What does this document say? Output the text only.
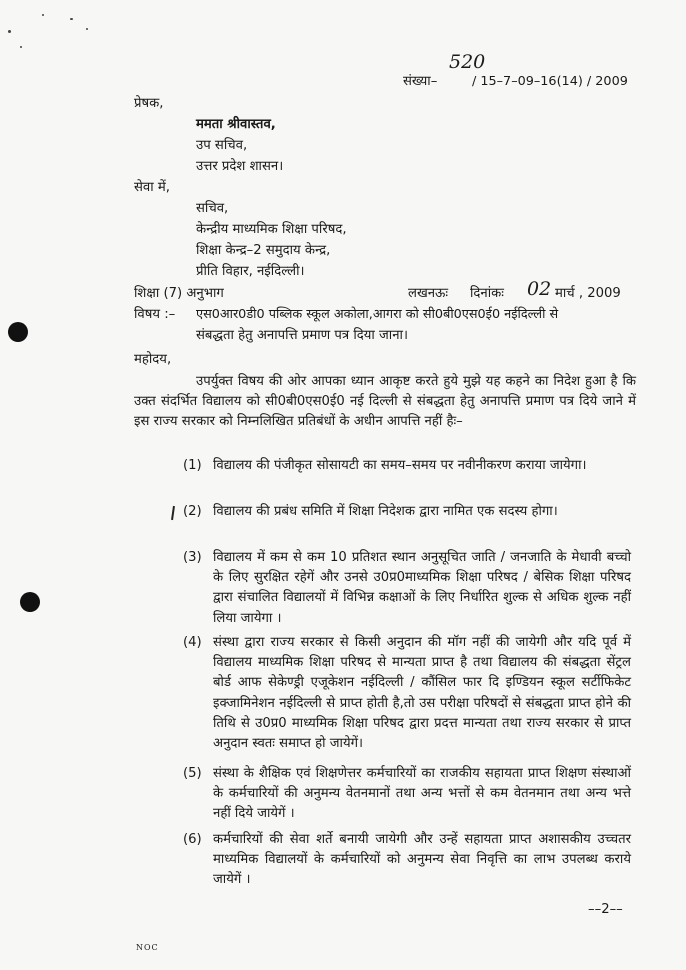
520
संख्या–	/ 15–7–09–16(14) / 2009
प्रेषक,
ममता श्रीवास्तव,
उप सचिव,
उत्तर प्रदेश शासन।
सेवा में,
सचिव,
केन्द्रीय माध्यमिक शिक्षा परिषद,
शिक्षा केन्द्र–2 समुदाय केन्द्र,
प्रीति विहार, नईदिल्ली।
शिक्षा (7) अनुभाग	लखनऊः दिनांकः 02 मार्च , 2009
विषय :– एस0आर0डी0 पब्लिक स्कूल अकोला,आगरा को सी0बी0एस0ई0 नईदिल्ली से
संबद्धता हेतु अनापत्ति प्रमाण पत्र दिया जाना।
महोदय,
उपर्युक्त विषय की ओर आपका ध्यान आकृष्ट करते हुये मुझे यह कहने का निदेश हुआ है कि उक्त संदर्भित विद्यालय को सी0बी0एस0ई0 नई दिल्ली से संबद्धता हेतु अनापत्ति प्रमाण पत्र दिये जाने में इस राज्य सरकार को निम्नलिखित प्रतिबंधों के अधीन आपत्ति नहीं हैः–
(1) विद्यालय की पंजीकृत सोसायटी का समय–समय पर नवीनीकरण कराया जायेगा।
(2) विद्यालय की प्रबंध समिति में शिक्षा निदेशक द्वारा नामित एक सदस्य होगा।
(3) विद्यालय में कम से कम 10 प्रतिशत स्थान अनुसूचित जाति / जनजाति के मेधावी बच्चो के लिए सुरक्षित रहेगें और उनसे उ0प्र0माध्यमिक शिक्षा परिषद / बेसिक शिक्षा परिषद द्वारा संचालित विद्यालयों में विभिन्न कक्षाओं के लिए निर्धारित शुल्क से अधिक शुल्क नहीं लिया जायेगा ।
(4) संस्था द्वारा राज्य सरकार से किसी अनुदान की मॉग नहीं की जायेगी और यदि पूर्व में विद्यालय माध्यमिक शिक्षा परिषद से मान्यता प्राप्त है तथा विद्यालय की संबद्धता सेंट्रल बोर्ड आफ सेकेण्ड्री एजूकेशन नईदिल्ली / कौंसिल फार दि इण्डियन स्कूल सर्टीफिकेट इक्जामिनेशन नईदिल्ली से प्राप्त होती है,तो उस परीक्षा परिषदों से संबद्धता प्राप्त होने की तिथि से उ0प्र0 माध्यमिक शिक्षा परिषद द्वारा प्रदत्त मान्यता तथा राज्य सरकार से प्राप्त अनुदान स्वतः समाप्त हो जायेगें।
(5) संस्था के शैक्षिक एवं शिक्षणेत्तर कर्मचारियों का राजकीय सहायता प्राप्त शिक्षण संस्थाओं के कर्मचारियों की अनुमन्य वेतनमानों तथा अन्य भत्तों से कम वेतनमान तथा अन्य भत्ते नहीं दिये जायेगें ।
(6) कर्मचारियों की सेवा शर्ते बनायी जायेगी और उन्हें सहायता प्राप्त अशासकीय उच्चतर माध्यमिक विद्यालयों के कर्मचारियों को अनुमन्य सेवा निवृत्ति का लाभ उपलब्ध कराये जायेगें ।
––2––
NOC
